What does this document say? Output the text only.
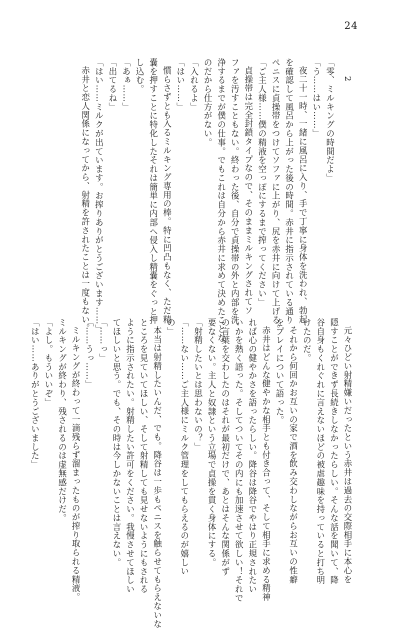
24
2
「零、ミルキングの時間だよ」
「う……はい……」
夜二十一時、一緒に風呂に入り、手で丁寧に身体を洗われ、勃起
を確認して風呂から上がった後の時間。赤井に指示されている通り
ペニスに貞操帯をつけてソファに上がり、尻を赤井に向けて上げる。
「ご主人様……僕の精液を空っぽにするまで搾ってください」
貞操帯は完全封鎖タイプなので、そのままミルキングされてソ
ファを汚すこともない。終わった後、自分で貞操帯の外と内部を洗
浄するまでが僕の仕事。でもこれは自分から赤井に求めて決めたことな
のだから仕方がない。
「入れるよ」
「はい……」
慣らさずとも入るミルキング専用の棒。特に凹凸もなく、ただ精
嚢を押すことに特化したそれは簡単に内部へ侵入し精嚢をぐっと押
し込む。
「あぁ……」
「出てるね」
「はい……ミルクが出ています。お搾りありがとうございます……」
赤井と恋人関係になってから、射精を許されたことは一度もない。
元々ひどい射精嫌いだったという赤井は過去の交際相手に本心を
隠すことができず長続きしなかったらしい。そんな話を聞いて、降
谷自身もくれぐれに言えないほどの被虐趣味を持っていると打ち明
けたのだ。
それから何回かお互いの家で酒を飲み交わしながらお互いの性癖
をプレイについて語った。
赤井はどんな健やかな相手とも付き合って、そして相手に求める精神
れば心の健やかさを語ったらしい。降谷は降谷でやはり正規されたい
いかを熱く語った。そしてついてその内にも加速させて欲しい！それで
の言葉を交わしたのはそれが最初だけで、あとはそんな関係がず
要なくない。主人と奴隷という立場で貞操を貫く身体にする。
「射精したいとは思わないの？」
「……ない……ご主人様にミルク管理をしてもらえるのが嬉しい
の」
本当は射精したいんだ、でも。降谷は一歩もペニスを触らせてもらえないな
ところを見ていてほしい、そして射精しても見せないようにもされる
ように指示されたい。射精したい許可をください。我慢させてほしい
てほしいと思う。でも、その時は今しかないことは言えない。
「……っ」
「……うっ……」
ミルキングが終わって一滴残らず溜まったものが搾り取られる精液。
ミルキングが終わり、残されるのは虚無感だけだ。
「よし。もういいぞ」
「はい……ありがとうございました」
